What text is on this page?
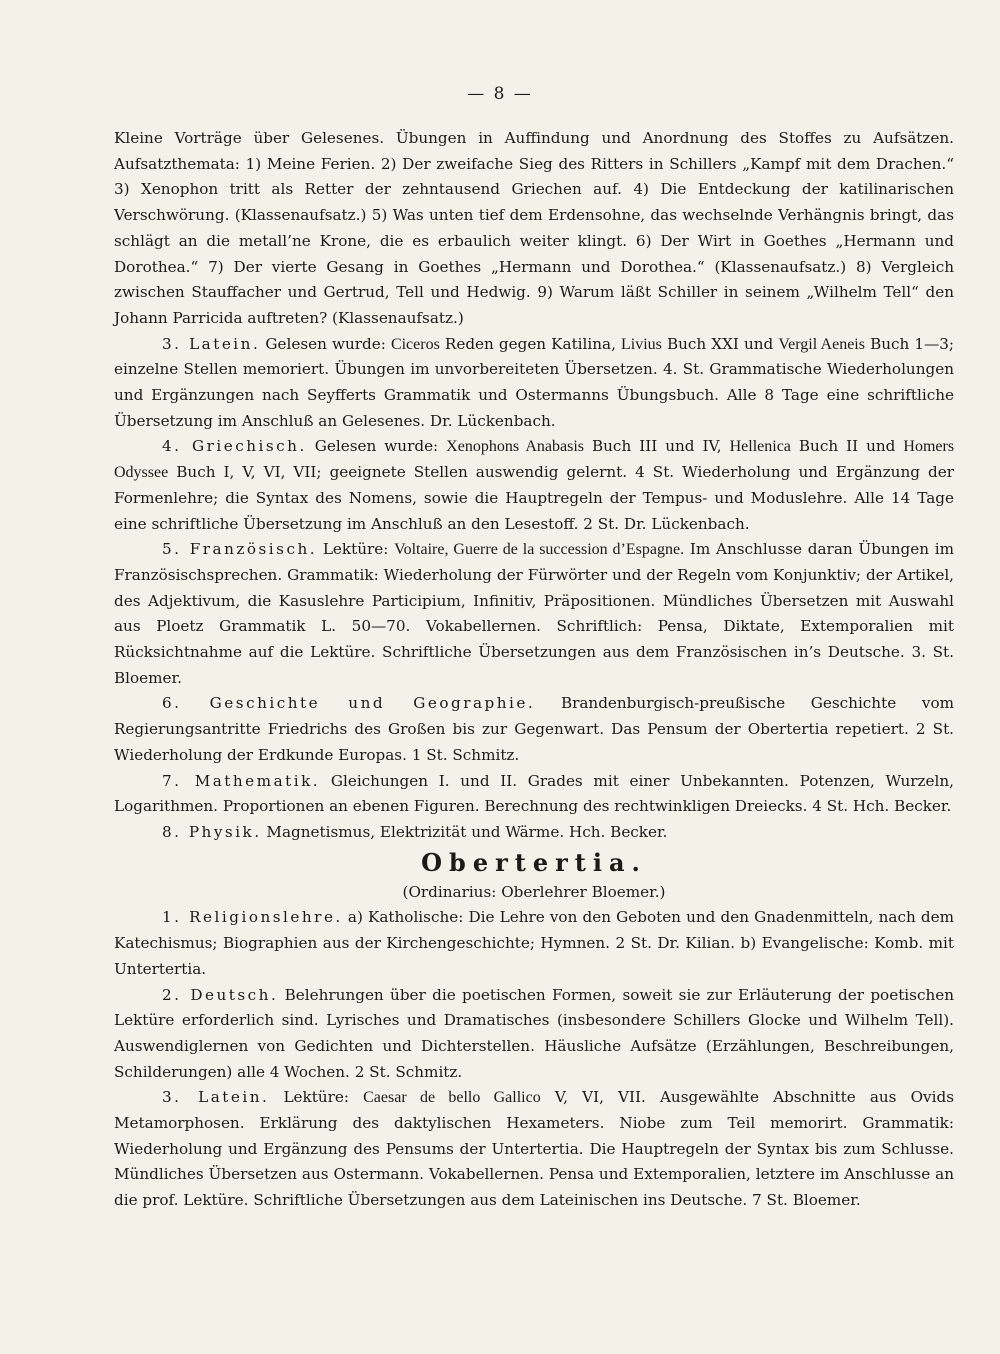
— 8 —

Kleine Vorträge über Gelesenes. Übungen in Auffindung und Anordnung des Stoffes zu Aufsätzen. Aufsatzthemata: 1) Meine Ferien. 2) Der zweifache Sieg des Ritters in Schillers „Kampf mit dem Drachen.“ 3) Xenophon tritt als Retter der zehntausend Griechen auf. 4) Die Entdeckung der katilinarischen Verschwörung. (Klassenaufsatz.) 5) Was unten tief dem Erdensohne, das wechselnde Verhängnis bringt, das schlägt an die metall’ne Krone, die es erbaulich weiter klingt. 6) Der Wirt in Goethes „Hermann und Dorothea.“ 7) Der vierte Gesang in Goethes „Hermann und Dorothea.“ (Klassenaufsatz.) 8) Vergleich zwischen Stauffacher und Gertrud, Tell und Hedwig. 9) Warum läßt Schiller in seinem „Wilhelm Tell“ den Johann Parricida auftreten? (Klassenaufsatz.)

3. Latein. Gelesen wurde: Ciceros Reden gegen Katilina, Livius Buch XXI und Vergil Aeneis Buch 1—3; einzelne Stellen memoriert. Übungen im unvorbereiteten Übersetzen. 4. St. Grammatische Wiederholungen und Ergänzungen nach Seyfferts Grammatik und Ostermanns Übungsbuch. Alle 8 Tage eine schriftliche Übersetzung im Anschluß an Gelesenes. Dr. Lückenbach.

4. Griechisch. Gelesen wurde: Xenophons Anabasis Buch III und IV, Hellenica Buch II und Homers Odyssee Buch I, V, VI, VII; geeignete Stellen auswendig gelernt. 4 St. Wiederholung und Ergänzung der Formenlehre; die Syntax des Nomens, sowie die Hauptregeln der Tempus- und Moduslehre. Alle 14 Tage eine schriftliche Übersetzung im Anschluß an den Lesestoff. 2 St. Dr. Lückenbach.

5. Französisch. Lektüre: Voltaire, Guerre de la succession d’Espagne. Im Anschlusse daran Übungen im Französischsprechen. Grammatik: Wiederholung der Fürwörter und der Regeln vom Konjunktiv; der Artikel, des Adjektivum, die Kasuslehre Participium, Infinitiv, Präpositionen. Mündliches Übersetzen mit Auswahl aus Ploetz Grammatik L. 50—70. Vokabellernen. Schriftlich: Pensa, Diktate, Extemporalien mit Rücksichtnahme auf die Lektüre. Schriftliche Übersetzungen aus dem Französischen in’s Deutsche. 3. St. Bloemer.

6. Geschichte und Geographie. Brandenburgisch-preußische Geschichte vom Regierungsantritte Friedrichs des Großen bis zur Gegenwart. Das Pensum der Obertertia repetiert. 2 St. Wiederholung der Erdkunde Europas. 1 St. Schmitz.

7. Mathematik. Gleichungen I. und II. Grades mit einer Unbekannten. Potenzen, Wurzeln, Logarithmen. Proportionen an ebenen Figuren. Berechnung des rechtwinkligen Dreiecks. 4 St. Hch. Becker.

8. Physik. Magnetismus, Elektrizität und Wärme. Hch. Becker.

Obertertia.

(Ordinarius: Oberlehrer Bloemer.)

1. Religionslehre. a) Katholische: Die Lehre von den Geboten und den Gnadenmitteln, nach dem Katechismus; Biographien aus der Kirchengeschichte; Hymnen. 2 St. Dr. Kilian. b) Evangelische: Komb. mit Untertertia.

2. Deutsch. Belehrungen über die poetischen Formen, soweit sie zur Erläuterung der poetischen Lektüre erforderlich sind. Lyrisches und Dramatisches (insbesondere Schillers Glocke und Wilhelm Tell). Auswendiglernen von Gedichten und Dichterstellen. Häusliche Aufsätze (Erzählungen, Beschreibungen, Schilderungen) alle 4 Wochen. 2 St. Schmitz.

3. Latein. Lektüre: Caesar de bello Gallico V, VI, VII. Ausgewählte Abschnitte aus Ovids Metamorphosen. Erklärung des daktylischen Hexameters. Niobe zum Teil memorirt. Grammatik: Wiederholung und Ergänzung des Pensums der Untertertia. Die Hauptregeln der Syntax bis zum Schlusse. Mündliches Übersetzen aus Ostermann. Vokabellernen. Pensa und Extemporalien, letztere im Anschlusse an die prof. Lektüre. Schriftliche Übersetzungen aus dem Lateinischen ins Deutsche. 7 St. Bloemer.
